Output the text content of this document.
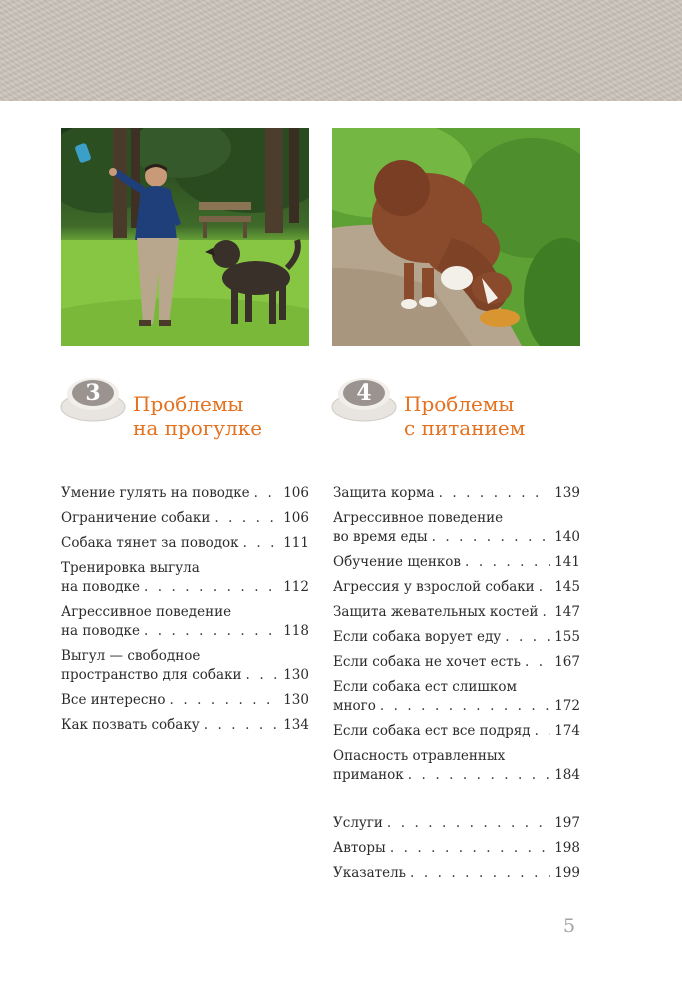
3	Проблемы
на прогулке
4	Проблемы
с питанием
Умение гулять на поводке . . . 106
Ограничение собаки . . .	106
Собака тянет за поводок . . .	111
Тренировка выгула
на поводке . . .	112
Агрессивное поведение
на поводке . . .	118
Выгул — свободное
пространство для собаки . . .	130
Все интересно . . .	130
Как позвать собаку . . .	134
Защита корма . . .	139
Агрессивное поведение
во время еды . . .	140
Обучение щенков . . .	141
Агрессия у взрослой собаки . . . 145
Защита жевательных костей . . . 147
Если собака ворует еду . . .	155
Если собака не хочет есть . . . 167
Если собака ест слишком
много . . .	172
Если собака ест все подряд . . . 174
Опасность отравленных
приманок . . .	184
Услуги . . .	197
Авторы . . .	198
Указатель . . .	199
5
